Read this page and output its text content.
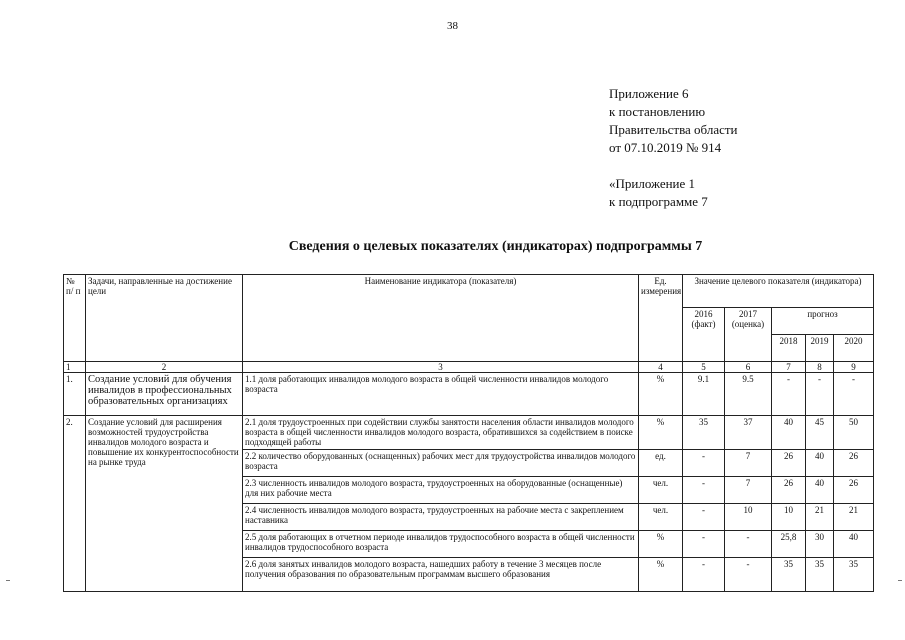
38
Приложение 6
к постановлению
Правительства области
от 07.10.2019 № 914
«Приложение 1
к подпрограмме 7
Сведения о целевых показателях (индикаторах) подпрограммы 7
№ п/ п	Задачи, направленные на достижение цели	Наименование индикатора (показателя)	Ед. измерения	Значение целевого показателя (индикатора)				
				2016 (факт)	2017 (оценка)	прогноз		
						2018	2019	2020
1	2	3	4	5	6	7	8	9
1.	Создание условий для обучения инвалидов в профессиональных образовательных организациях	1.1 доля работающих инвалидов молодого возраста в общей численности инвалидов молодого возраста	%	9.1	9.5	-	-	-
2.	Создание условий для расширения возможностей трудоустройства инвалидов молодого возраста и повышение их конкурентоспособности на рынке труда	2.1 доля трудоустроенных при содействии службы занятости населения области инвалидов молодого возраста в общей численности инвалидов молодого возраста, обратившихся за содействием в поиске подходящей работы	%	35	37	40	45	50
		2.2 количество оборудованных (оснащенных) рабочих мест для трудоустройства инвалидов молодого возраста	ед.	-	7	26	40	26
		2.3 численность инвалидов молодого возраста, трудоустроенных на оборудованные (оснащенные) для них рабочие места	чел.	-	7	26	40	26
		2.4 численность инвалидов молодого возраста, трудоустроенных на рабочие места с закреплением наставника	чел.	-	10	10	21	21
		2.5 доля работающих в отчетном периоде инвалидов трудоспособного возраста в общей численности инвалидов трудоспособного возраста	%	-	-	25,8	30	40
		2.6 доля занятых инвалидов молодого возраста, нашедших работу в течение 3 месяцев после получения образования по образовательным программам высшего образования	%	-	-	35	35	35
